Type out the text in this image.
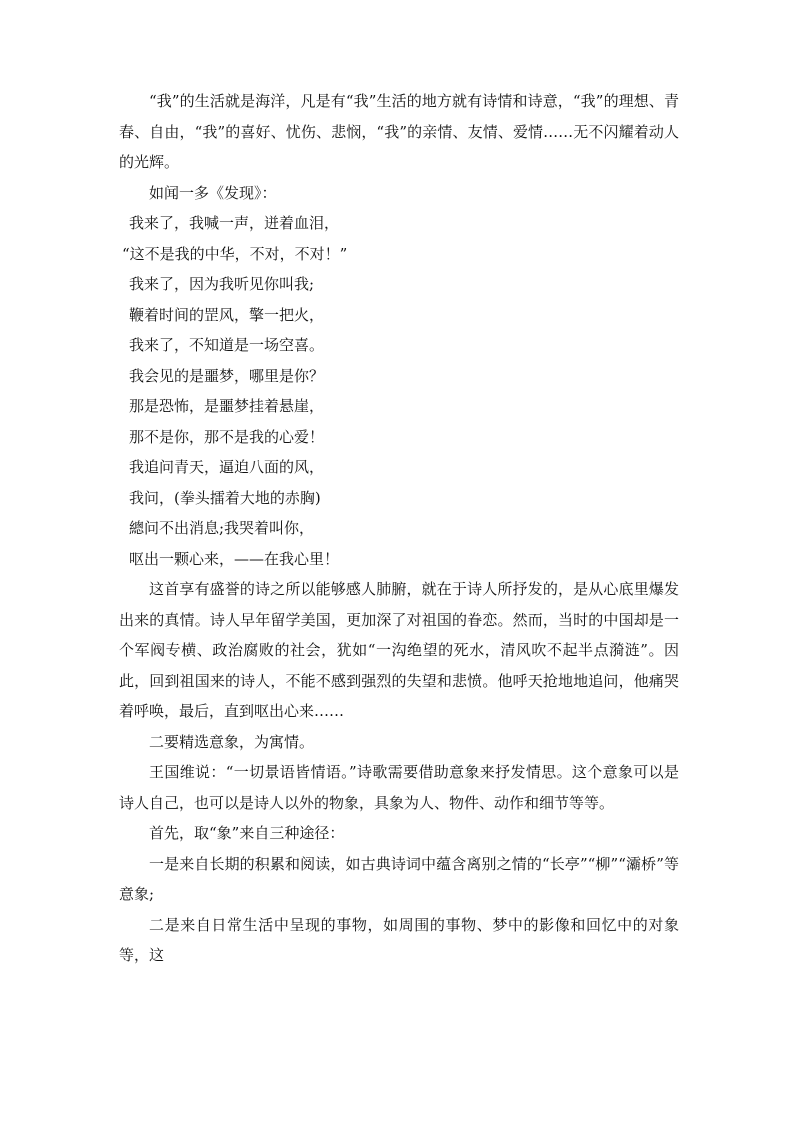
“我”的生活就是海洋，凡是有“我”生活的地方就有诗情和诗意，“我”的理想、青春、自由，“我”的喜好、忧伤、悲悯，“我”的亲情、友情、爱情……无不闪耀着动人的光辉。

如闻一多《发现》：

我来了，我喊一声，迸着血泪，

“这不是我的中华，不对，不对！”

我来了，因为我听见你叫我;

鞭着时间的罡风，擎一把火，

我来了，不知道是一场空喜。

我会见的是噩梦，哪里是你？

那是恐怖，是噩梦挂着悬崖，

那不是你，那不是我的心爱！

我追问青天，逼迫八面的风，

我问，(拳头擂着大地的赤胸)

總问不出消息;我哭着叫你，

呕出一颗心来，——在我心里！

这首享有盛誉的诗之所以能够感人肺腑，就在于诗人所抒发的，是从心底里爆发出来的真情。诗人早年留学美国，更加深了对祖国的眷恋。然而，当时的中国却是一个军阀专横、政治腐败的社会，犹如“一沟绝望的死水，清风吹不起半点漪涟”。因此，回到祖国来的诗人，不能不感到强烈的失望和悲愤。他呼天抢地地追问，他痛哭着呼唤，最后，直到呕出心来……

二要精选意象，为寓情。

王国维说：“一切景语皆情语。”诗歌需要借助意象来抒发情思。这个意象可以是诗人自己，也可以是诗人以外的物象，具象为人、物件、动作和细节等等。

首先，取“象”来自三种途径：

一是来自长期的积累和阅读，如古典诗词中蕴含离别之情的“长亭”“柳”“灞桥”等意象;

二是来自日常生活中呈现的事物，如周围的事物、梦中的影像和回忆中的对象等，这
